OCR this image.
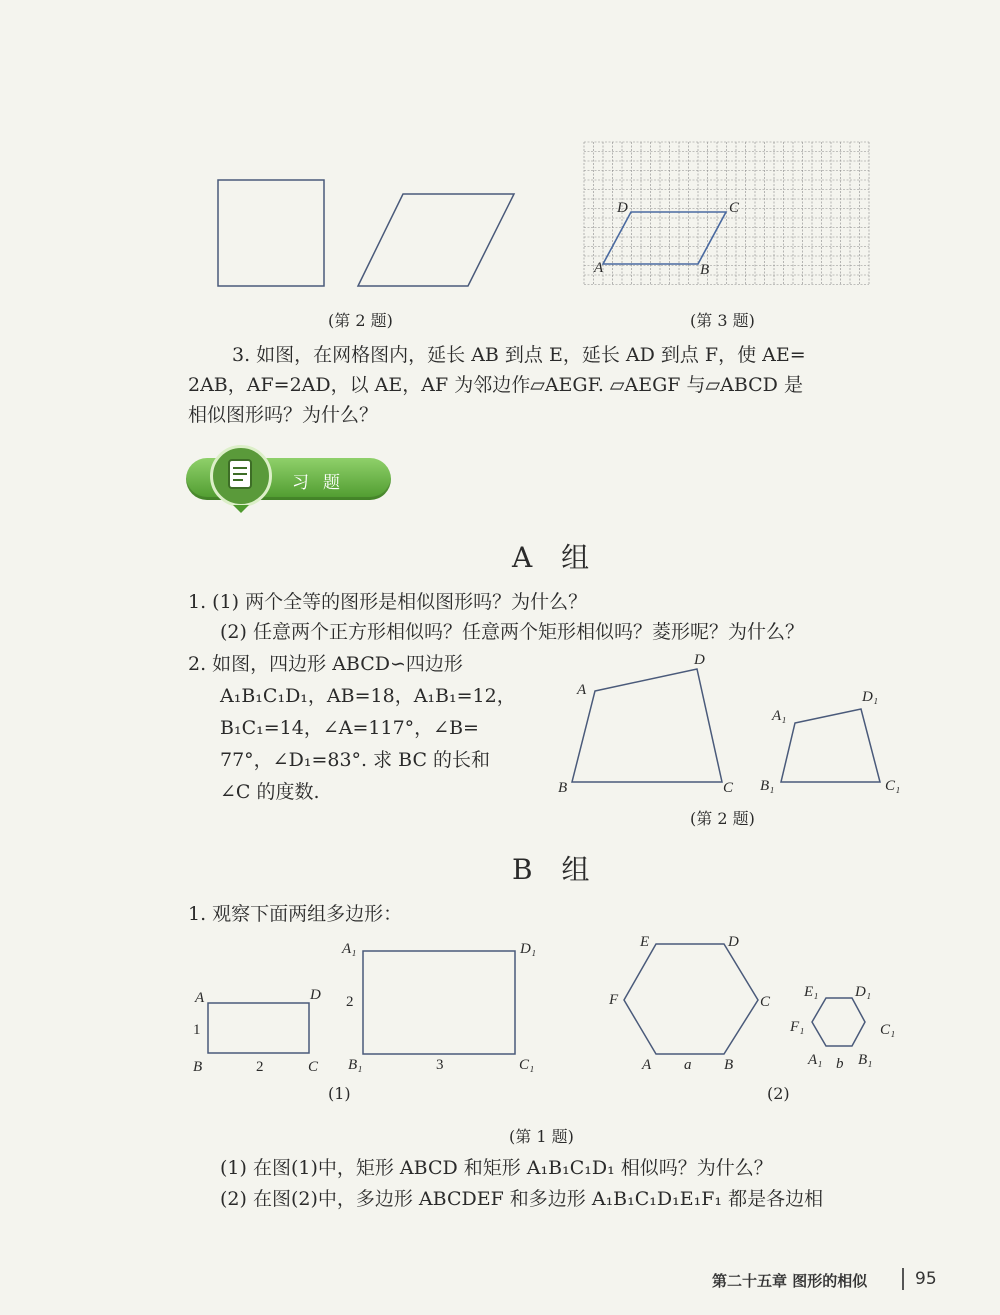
(第 2 题)
A	B
C
D
(第 3 题)
3. 如图，在网格图内，延长 AB 到点 E，延长 AD 到点 F，使 AE=
2AB，AF=2AD，以 AE，AF 为邻边作▱AEGF. ▱AEGF 与▱ABCD 是
相似图形吗？为什么？
习题
A 组
1. (1) 两个全等的图形是相似图形吗？为什么？
(2) 任意两个正方形相似吗？任意两个矩形相似吗？菱形呢？为什么？
2. 如图，四边形 ABCD∽四边形
A₁B₁C₁D₁，AB=18，A₁B₁=12，
B₁C₁=14，∠A=117°，∠B=
77°，∠D₁=83°. 求 BC 的长和
∠C 的度数.
A
D
B	C
A₁
D₁
B₁	C₁
(第 2 题)
B 组
1. 观察下面两组多边形：
A	D
B	C
1
2
A₁	D₁
B₁	C₁
2
3
E	D
F	C
A	B
a
E₁ D₁
F₁	C₁
A₁ B₁
b
(1)	(2)
(第 1 题)
(1) 在图(1)中，矩形 ABCD 和矩形 A₁B₁C₁D₁ 相似吗？为什么？
(2) 在图(2)中，多边形 ABCDEF 和多边形 A₁B₁C₁D₁E₁F₁ 都是各边相
第二十五章 图形的相似	95
